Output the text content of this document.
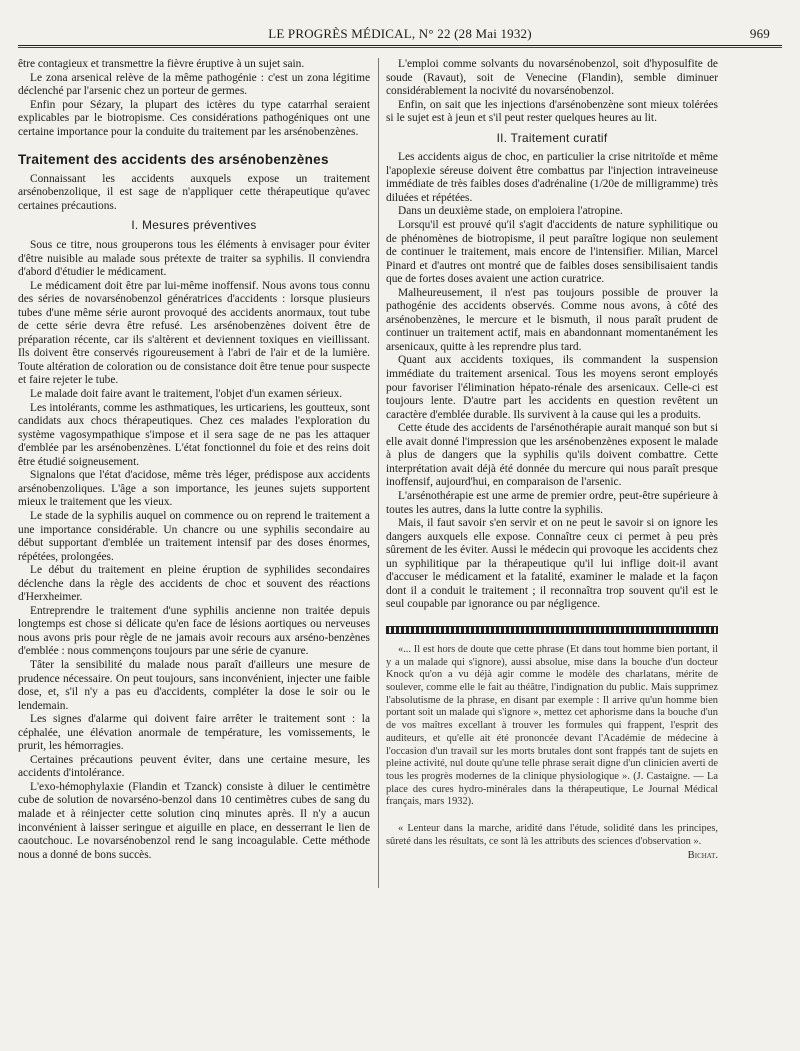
LE PROGRÈS MÉDICAL, N° 22 (28 Mai 1932)	969

être contagieux et transmettre la fièvre éruptive à un sujet sain.

Le zona arsenical relève de la même pathogénie : c'est un zona légitime déclenché par l'arsenic chez un porteur de germes.

Enfin pour Sézary, la plupart des ictères du type catarrhal seraient explicables par le biotropisme. Ces considérations pathogéniques ont une certaine importance pour la conduite du traitement par les arsénobenzènes.

Traitement des accidents des arsénobenzènes

Connaissant les accidents auxquels expose un traitement arsénobenzolique, il est sage de n'appliquer cette thérapeutique qu'avec certaines précautions.

I. Mesures préventives

Sous ce titre, nous grouperons tous les éléments à envisager pour éviter d'être nuisible au malade sous prétexte de traiter sa syphilis. Il conviendra d'abord d'étudier le médicament.

Le médicament doit être par lui-même inoffensif. Nous avons tous connu des séries de novarsénobenzol génératrices d'accidents : lorsque plusieurs tubes d'une même série auront provoqué des accidents anormaux, tout tube de cette série devra être refusé. Les arsénobenzènes doivent être de préparation récente, car ils s'altèrent et deviennent toxiques en vieillissant. Ils doivent être conservés rigoureusement à l'abri de l'air et de la lumière. Toute altération de coloration ou de consistance doit être tenue pour suspecte et faire rejeter le tube.

Le malade doit faire avant le traitement, l'objet d'un examen sérieux.

Les intolérants, comme les asthmatiques, les urticariens, les goutteux, sont candidats aux chocs thérapeutiques. Chez ces malades l'exploration du système vagosympathique s'impose et il sera sage de ne pas les attaquer d'emblée par les arsénobenzènes. L'état fonctionnel du foie et des reins doit être étudié soigneusement.

Signalons que l'état d'acidose, même très léger, prédispose aux accidents arsénobenzoliques. L'âge a son importance, les jeunes sujets supportent mieux le traitement que les vieux.

Le stade de la syphilis auquel on commence ou on reprend le traitement a une importance considérable. Un chancre ou une syphilis secondaire au début supportant d'emblée un traitement intensif par des doses énormes, répétées, prolongées.

Le début du traitement en pleine éruption de syphilides secondaires déclenche dans la règle des accidents de choc et souvent des réactions d'Herxheimer.

Entreprendre le traitement d'une syphilis ancienne non traitée depuis longtemps est chose si délicate qu'en face de lésions aortiques ou nerveuses nous avons pris pour règle de ne jamais avoir recours aux arséno-benzènes d'emblée : nous commençons toujours par une série de cyanure.

Tâter la sensibilité du malade nous paraît d'ailleurs une mesure de prudence nécessaire. On peut toujours, sans inconvénient, injecter une faible dose, et, s'il n'y a pas eu d'accidents, compléter la dose le soir ou le lendemain.

Les signes d'alarme qui doivent faire arrêter le traitement sont : la céphalée, une élévation anormale de température, les vomissements, le prurit, les hémorragies.

Certaines précautions peuvent éviter, dans une certaine mesure, les accidents d'intolérance.

L'exo-hémophylaxie (Flandin et Tzanck) consiste à diluer le centimètre cube de solution de novarséno-benzol dans 10 centimètres cubes de sang du malade et à réinjecter cette solution cinq minutes après. Il n'y a aucun inconvénient à laisser seringue et aiguille en place, en desserrant le lien de caoutchouc. Le novarsénobenzol rend le sang incoagulable. Cette méthode nous a donné de bons succès.

L'emploi comme solvants du novarsénobenzol, soit d'hyposulfite de soude (Ravaut), soit de Venecine (Flandin), semble diminuer considérablement la nocivité du novarsénobenzol.

Enfin, on sait que les injections d'arsénobenzène sont mieux tolérées si le sujet est à jeun et s'il peut rester quelques heures au lit.

II. Traitement curatif

Les accidents aigus de choc, en particulier la crise nitritoïde et même l'apoplexie séreuse doivent être combattus par l'injection intraveineuse immédiate de très faibles doses d'adrénaline (1/20e de milligramme) très diluées et répétées.

Dans un deuxième stade, on emploiera l'atropine.

Lorsqu'il est prouvé qu'il s'agit d'accidents de nature syphilitique ou de phénomènes de biotropisme, il peut paraître logique non seulement de continuer le traitement, mais encore de l'intensifier. Milian, Marcel Pinard et d'autres ont montré que de faibles doses sensibilisaient tandis que de fortes doses avaient une action curatrice.

Malheureusement, il n'est pas toujours possible de prouver la pathogénie des accidents observés. Comme nous avons, à côté des arsénobenzènes, le mercure et le bismuth, il nous paraît prudent de continuer un traitement actif, mais en abandonnant momentanément les arsenicaux, quitte à les reprendre plus tard.

Quant aux accidents toxiques, ils commandent la suspension immédiate du traitement arsenical. Tous les moyens seront employés pour favoriser l'élimination hépato-rénale des arsenicaux. Celle-ci est toujours lente. D'autre part les accidents en question revêtent un caractère d'emblée durable. Ils survivent à la cause qui les a produits.

Cette étude des accidents de l'arsénothérapie aurait manqué son but si elle avait donné l'impression que les arsénobenzènes exposent le malade à plus de dangers que la syphilis qu'ils doivent combattre. Cette interprétation avait déjà été donnée du mercure qui nous paraît presque inoffensif, aujourd'hui, en comparaison de l'arsenic.

L'arsénothérapie est une arme de premier ordre, peut-être supérieure à toutes les autres, dans la lutte contre la syphilis.

Mais, il faut savoir s'en servir et on ne peut le savoir si on ignore les dangers auxquels elle expose. Connaître ceux ci permet à peu près sûrement de les éviter. Aussi le médecin qui provoque les accidents chez un syphilitique par la thérapeutique qu'il lui inflige doit-il avant d'accuser le médicament et la fatalité, examiner le malade et la façon dont il a conduit le traitement ; il reconnaîtra trop souvent qu'il est le seul coupable par ignorance ou par négligence.

«... Il est hors de doute que cette phrase (Et dans tout homme bien portant, il y a un malade qui s'ignore), aussi absolue, mise dans la bouche d'un docteur Knock qu'on a vu déjà agir comme le modèle des charlatans, mérite de soulever, comme elle le fait au théâtre, l'indignation du public. Mais supprimez l'absolutisme de la phrase, en disant par exemple : Il arrive qu'un homme bien portant soit un malade qui s'ignore », mettez cet aphorisme dans la bouche d'un de vos maîtres excellant à trouver les formules qui frappent, l'esprit des auditeurs, et qu'elle ait été prononcée devant l'Académie de médecine à l'occasion d'un travail sur les morts brutales dont sont frappés tant de sujets en pleine activité, nul doute qu'une telle phrase serait digne d'un clinicien averti de tous les progrès modernes de la clinique physiologique ». (J. Castaigne. — La place des cures hydro-minérales dans la thérapeutique, Le Journal Médical français, mars 1932).

« Lenteur dans la marche, aridité dans l'étude, solidité dans les principes, sûreté dans les résultats, ce sont là les attributs des sciences d'observation ».

Bichat.
